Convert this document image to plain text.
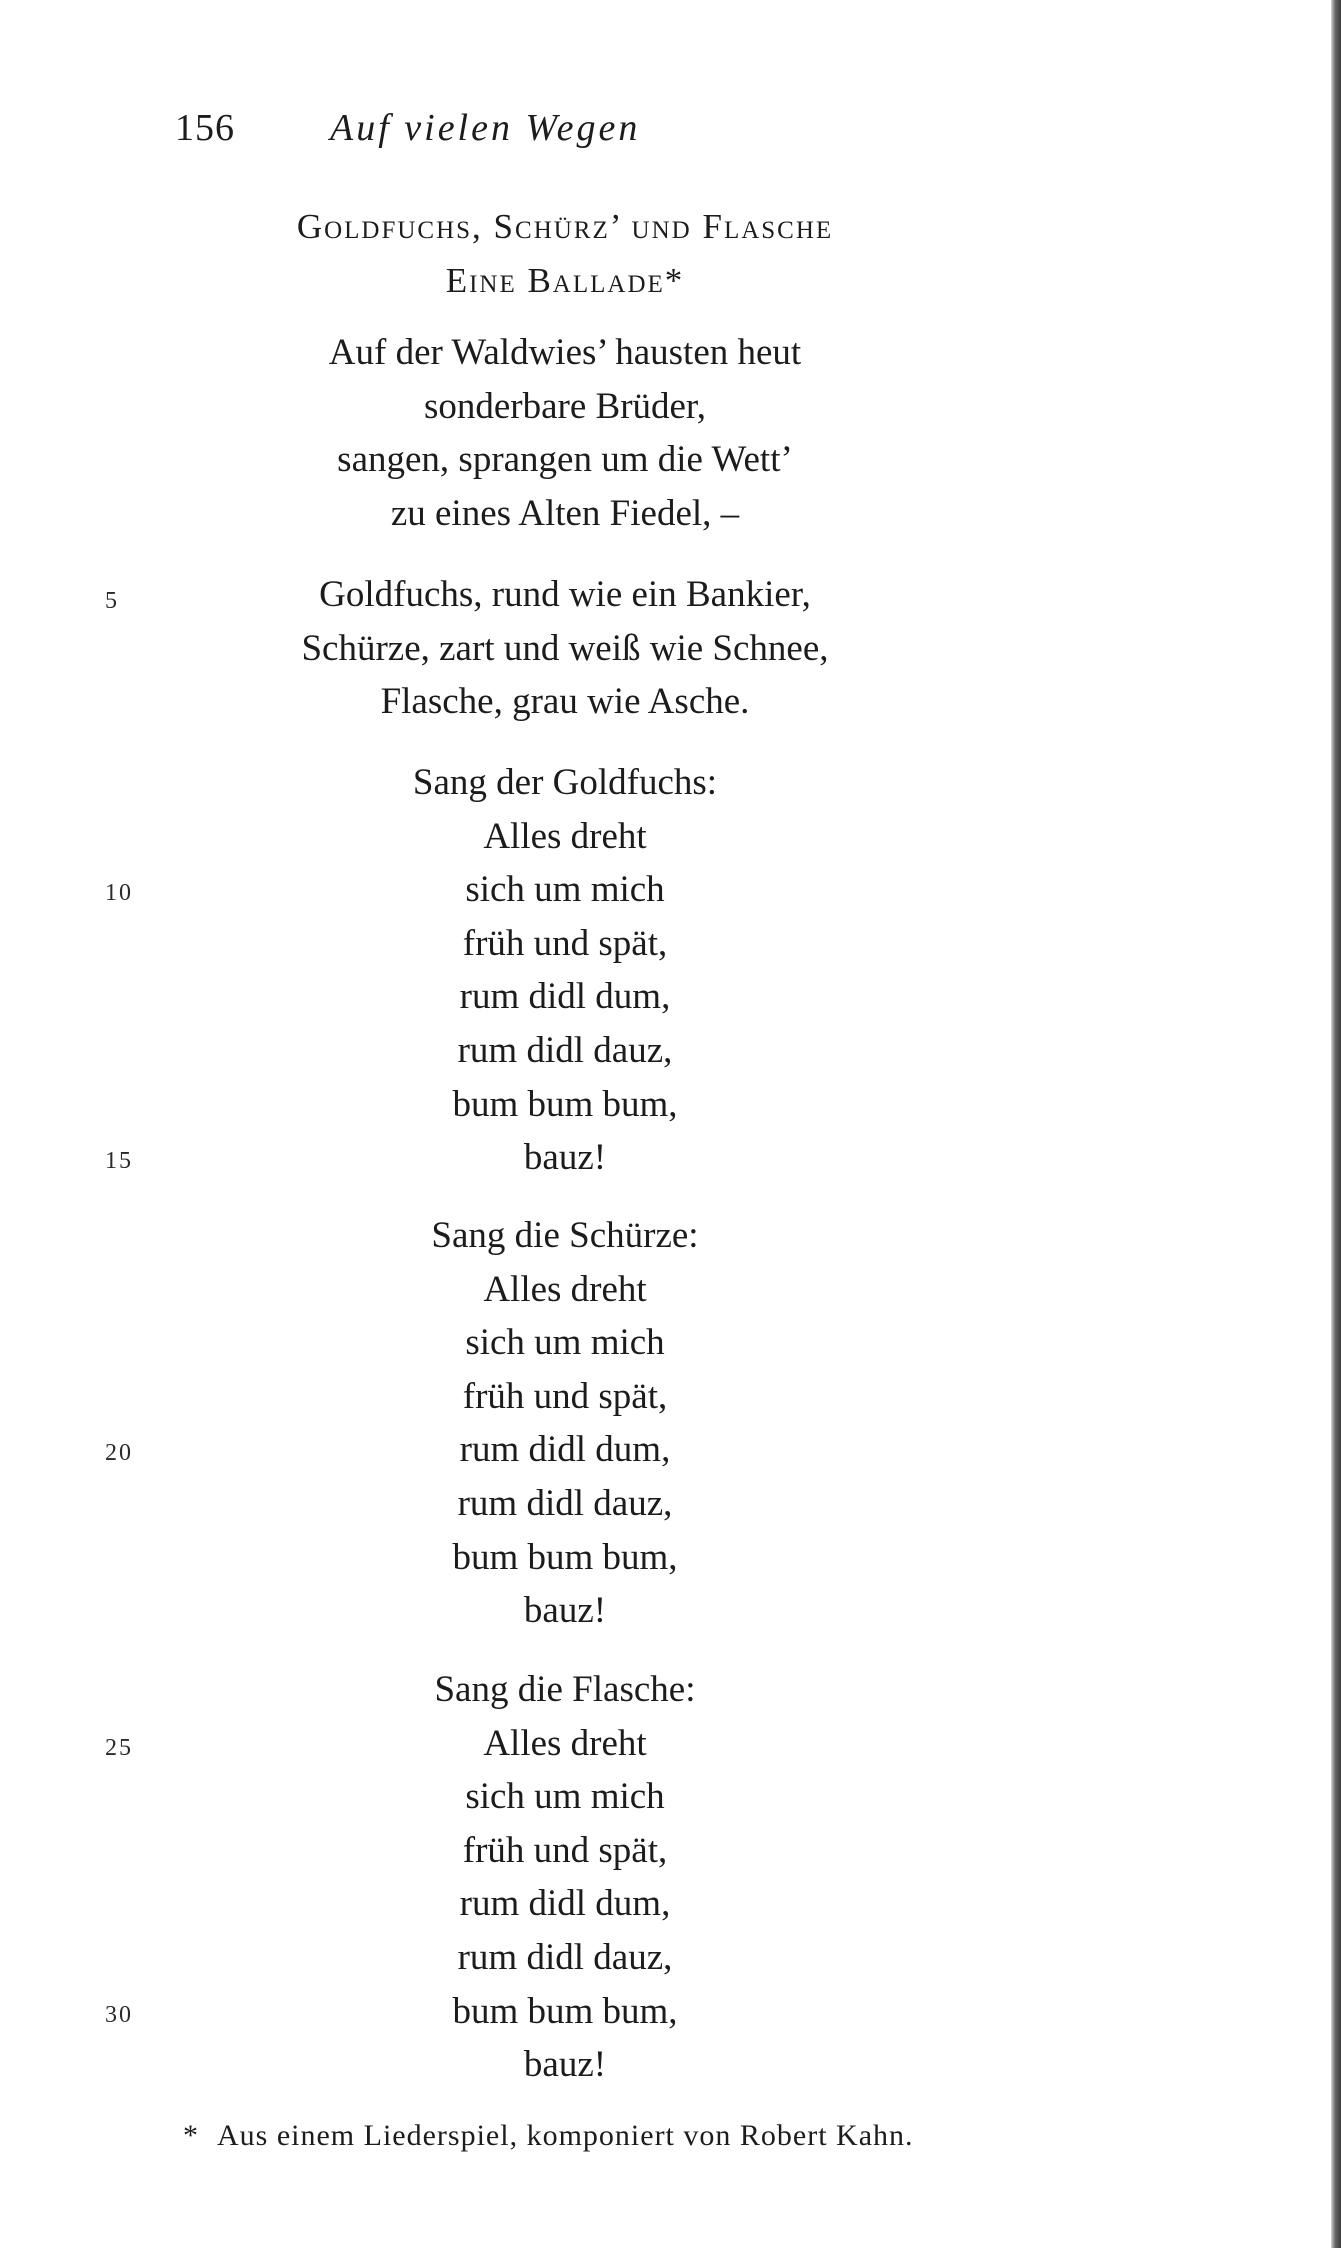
156	Auf vielen Wegen
Goldfuchs, Schürz’ und Flasche
Eine Ballade*
Auf der Waldwies’ hausten heut
sonderbare Brüder,
sangen, sprangen um die Wett’
zu eines Alten Fiedel, –
Goldfuchs, rund wie ein Bankier,
Schürze, zart und weiß wie Schnee,
Flasche, grau wie Asche.
Sang der Goldfuchs:
Alles dreht
sich um mich
früh und spät,
rum didl dum,
rum didl dauz,
bum bum bum,
bauz!
Sang die Schürze:
Alles dreht
sich um mich
früh und spät,
rum didl dum,
rum didl dauz,
bum bum bum,
bauz!
Sang die Flasche:
Alles dreht
sich um mich
früh und spät,
rum didl dum,
rum didl dauz,
bum bum bum,
bauz!
5
10
15
20
25
30
* Aus einem Liederspiel, komponiert von Robert Kahn.
